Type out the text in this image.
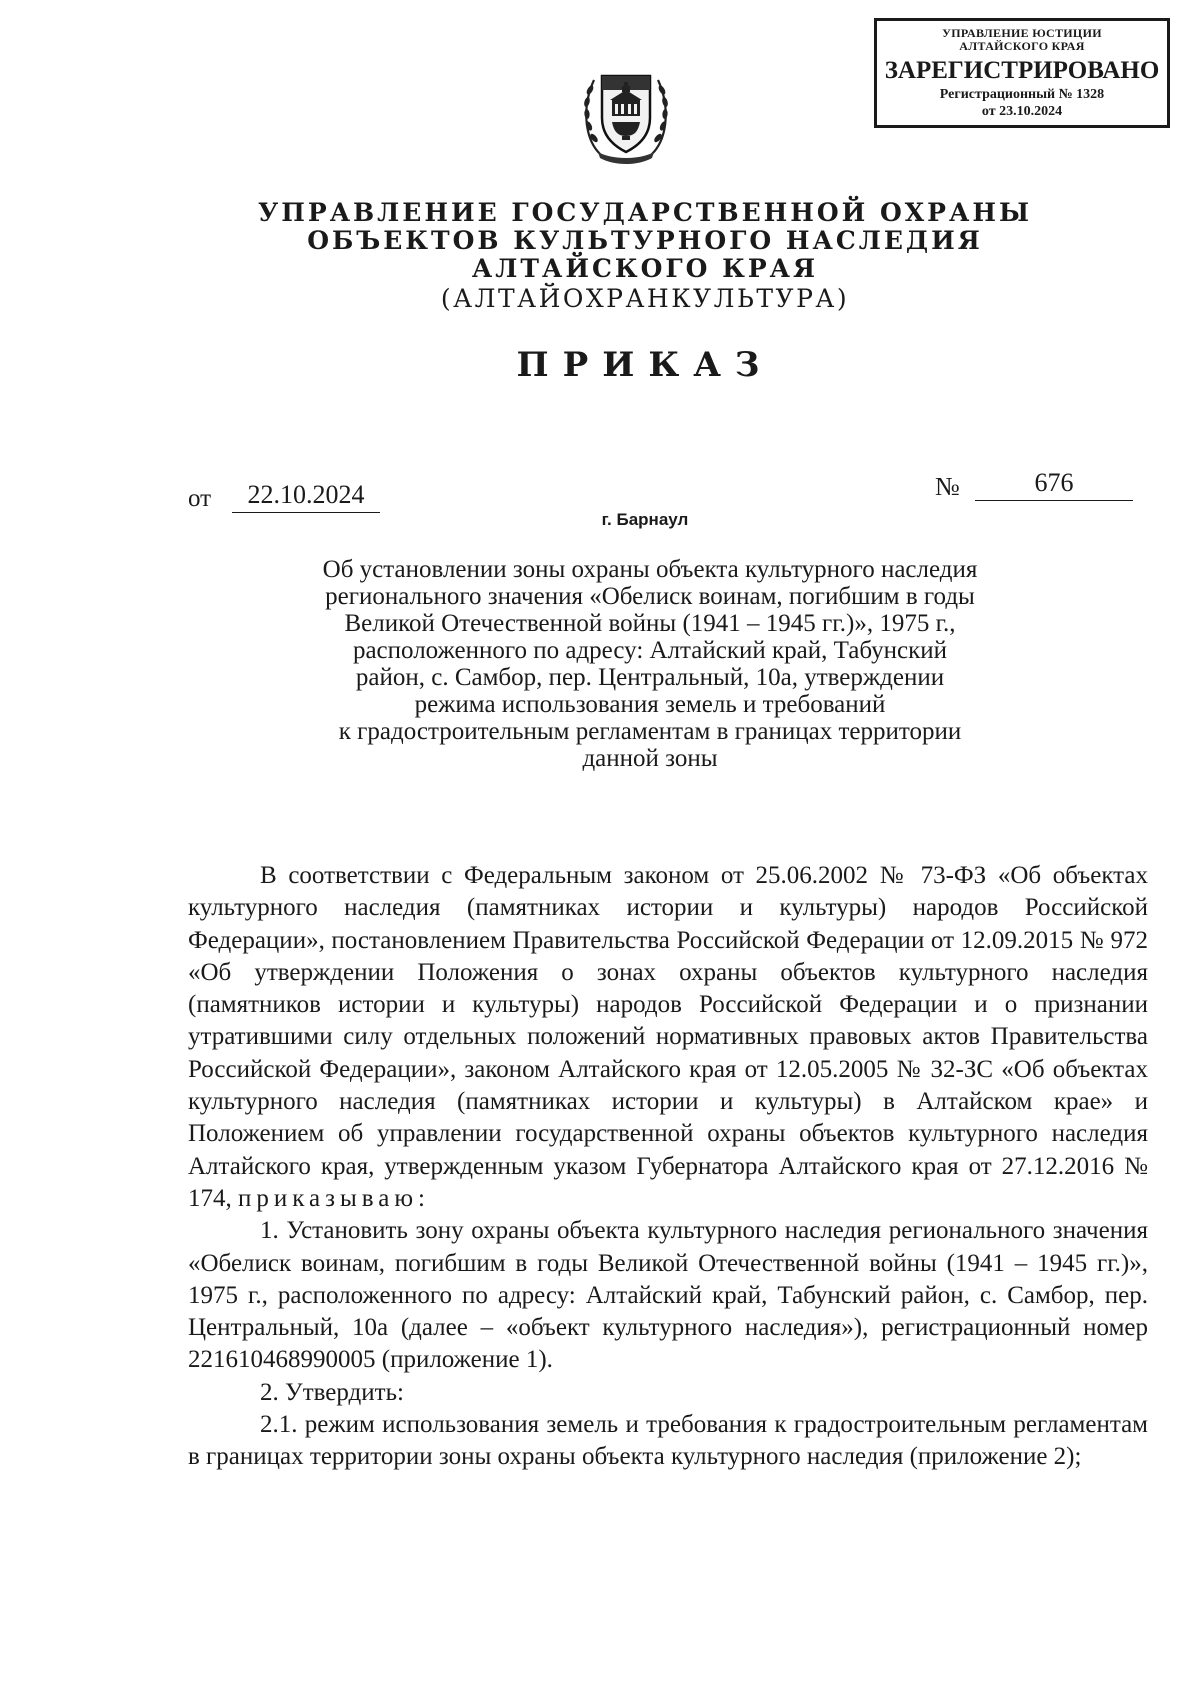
УПРАВЛЕНИЕ ЮСТИЦИИ
АЛТАЙСКОГО КРАЯ
ЗАРЕГИСТРИРОВАНО
Регистрационный № 1328
от 23.10.2024
УПРАВЛЕНИЕ ГОСУДАРСТВЕННОЙ ОХРАНЫ
ОБЪЕКТОВ КУЛЬТУРНОГО НАСЛЕДИЯ
АЛТАЙСКОГО КРАЯ
(АЛТАЙОХРАНКУЛЬТУРА)
ПРИКАЗ
от	22.10.2024	№	676
г. Барнаул
Об установлении зоны охраны объекта культурного наследия
регионального значения «Обелиск воинам, погибшим в годы
Великой Отечественной войны (1941 – 1945 гг.)», 1975 г.,
расположенного по адресу: Алтайский край, Табунский
район, с. Самбор, пер. Центральный, 10а, утверждении
режима использования земель и требований
к градостроительным регламентам в границах территории
данной зоны

В соответствии с Федеральным законом от 25.06.2002 № 73-ФЗ «Об объектах культурного наследия (памятниках истории и культуры) народов Российской Федерации», постановлением Правительства Российской Федерации от 12.09.2015 № 972 «Об утверждении Положения о зонах охраны объектов культурного наследия (памятников истории и культуры) народов Российской Федерации и о признании утратившими силу отдельных положений нормативных правовых актов Правительства Российской Федерации», законом Алтайского края от 12.05.2005 № 32-ЗС «Об объектах культурного наследия (памятниках истории и культуры) в Алтайском крае» и Положением об управлении государственной охраны объектов культурного наследия Алтайского края, утвержденным указом Губернатора Алтайского края от 27.12.2016 № 174, приказываю:

1. Установить зону охраны объекта культурного наследия регионального значения «Обелиск воинам, погибшим в годы Великой Отечественной войны (1941 – 1945 гг.)», 1975 г., расположенного по адресу: Алтайский край, Табунский район, с. Самбор, пер. Центральный, 10а (далее – «объект культурного наследия»), регистрационный номер 221610468990005 (приложение 1).

2. Утвердить:

2.1. режим использования земель и требования к градостроительным регламентам в границах территории зоны охраны объекта культурного наследия (приложение 2);
